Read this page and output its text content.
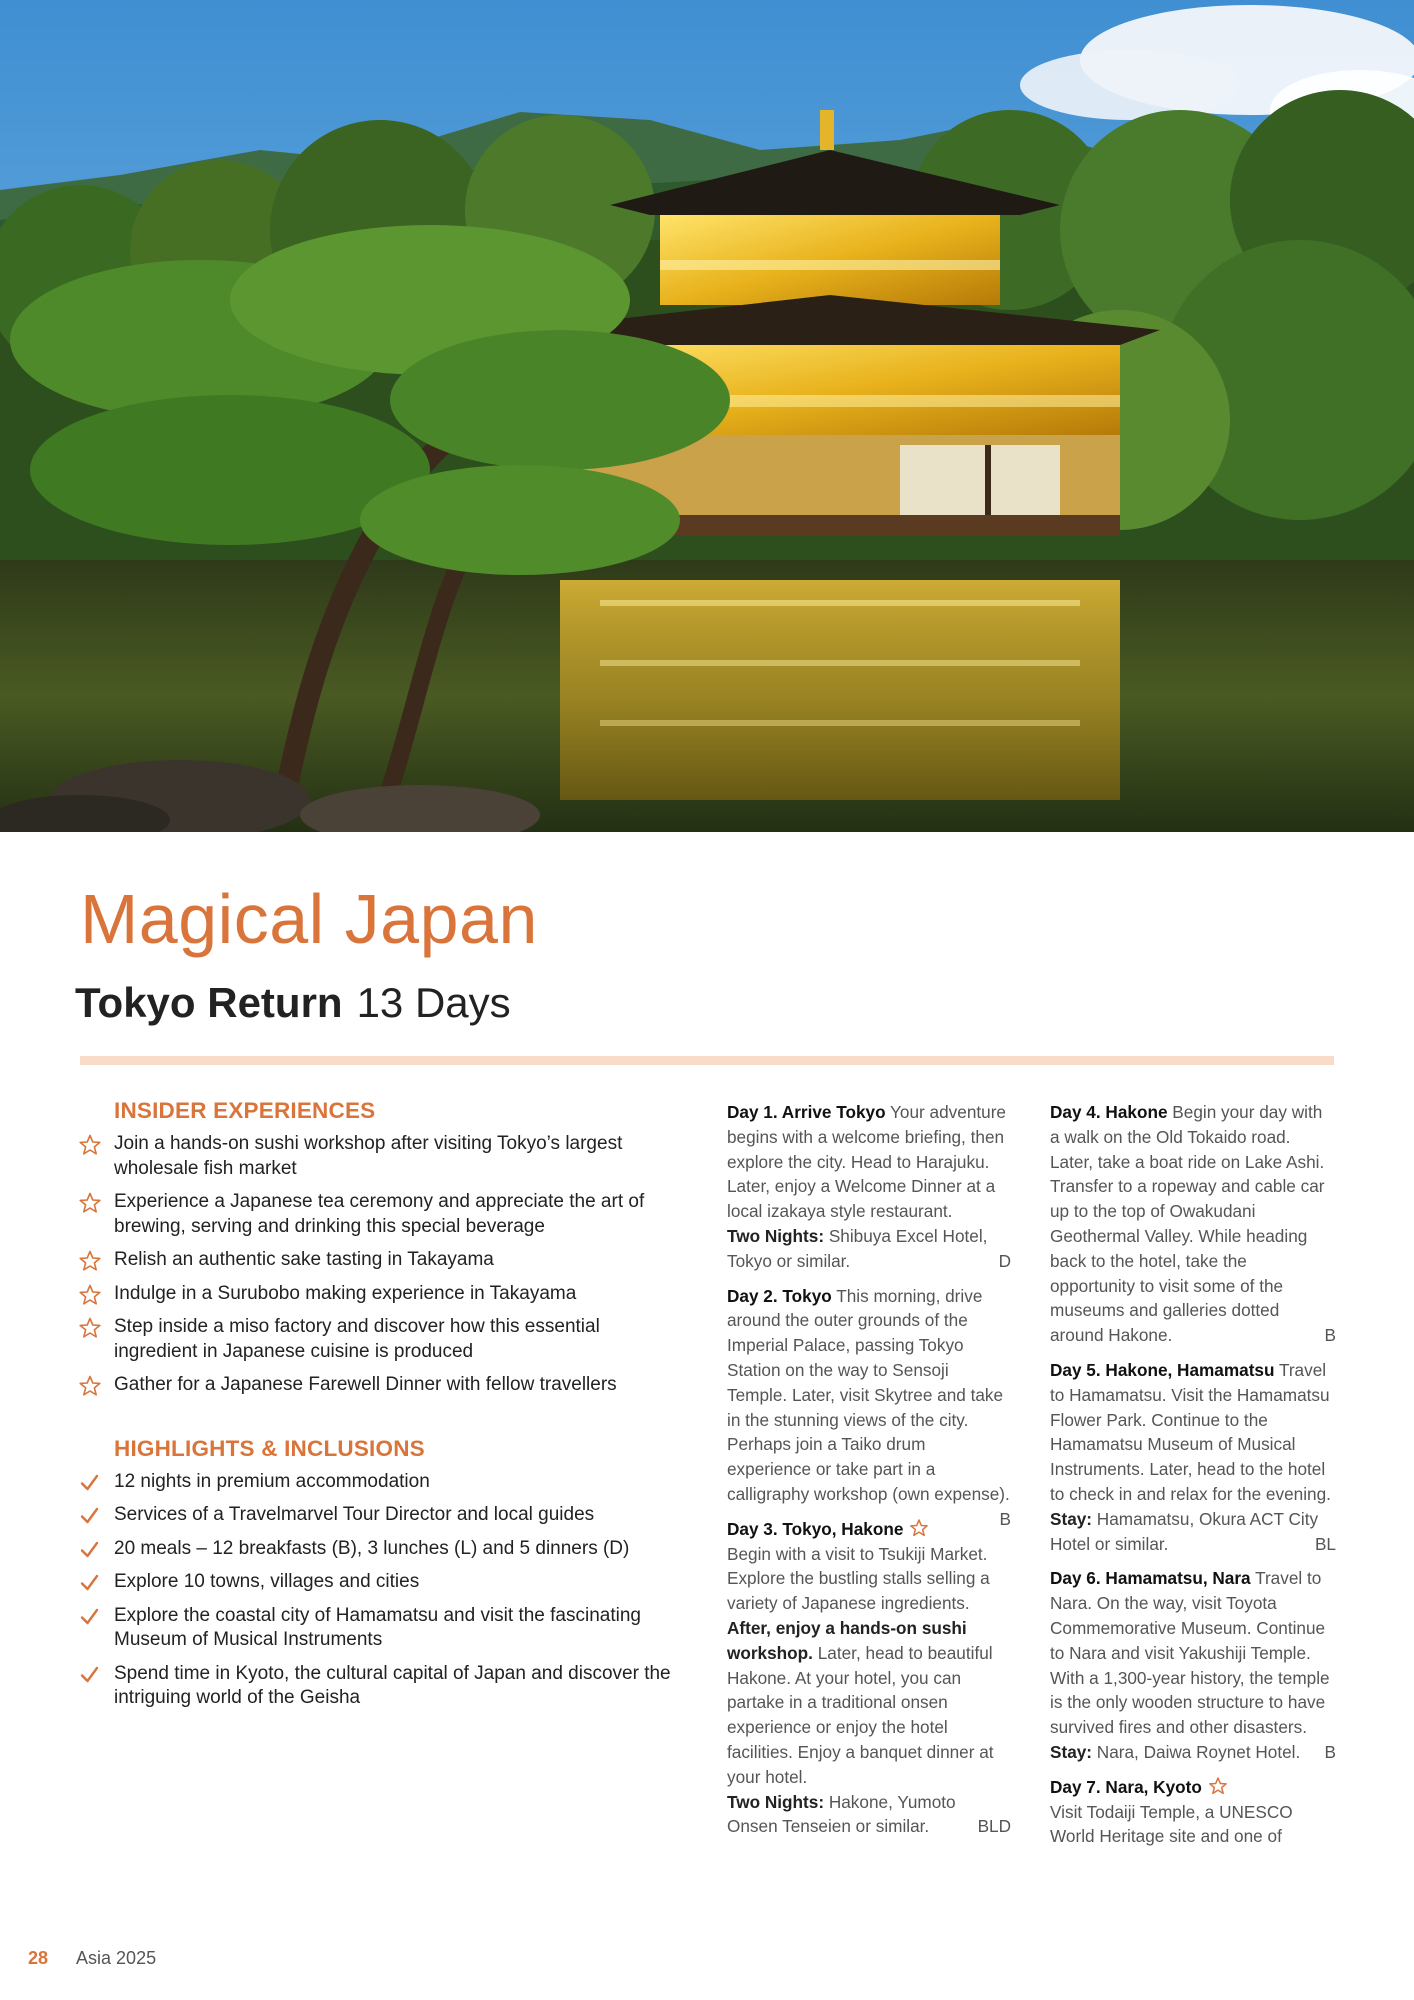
Magical Japan
Tokyo Return 13 Days
INSIDER EXPERIENCES
Join a hands-on sushi workshop after visiting Tokyo’s largest wholesale fish market
Experience a Japanese tea ceremony and appreciate the art of brewing, serving and drinking this special beverage
Relish an authentic sake tasting in Takayama
Indulge in a Surubobo making experience in Takayama
Step inside a miso factory and discover how this essential ingredient in Japanese cuisine is produced
Gather for a Japanese Farewell Dinner with fellow travellers
HIGHLIGHTS & INCLUSIONS
12 nights in premium accommodation
Services of a Travelmarvel Tour Director and local guides
20 meals – 12 breakfasts (B), 3 lunches (L) and 5 dinners (D)
Explore 10 towns, villages and cities
Explore the coastal city of Hamamatsu and visit the fascinating Museum of Musical Instruments
Spend time in Kyoto, the cultural capital of Japan and discover the intriguing world of the Geisha
Day 1. Arrive Tokyo Your adventure begins with a welcome briefing, then explore the city. Head to Harajuku. Later, enjoy a Welcome Dinner at a local izakaya style restaurant.
Two Nights: Shibuya Excel Hotel, Tokyo or similar.	D
Day 2. Tokyo This morning, drive around the outer grounds of the Imperial Palace, passing Tokyo Station on the way to Sensoji Temple. Later, visit Skytree and take in the stunning views of the city. Perhaps join a Taiko drum experience or take part in a calligraphy workshop (own expense).
B
Day 3. Tokyo, Hakone

Begin with a visit to Tsukiji Market. Explore the bustling stalls selling a variety of Japanese ingredients. After, enjoy a hands-on sushi workshop. Later, head to beautiful Hakone. At your hotel, you can partake in a traditional onsen experience or enjoy the hotel facilities. Enjoy a banquet dinner at your hotel.
Two Nights: Hakone, Yumoto Onsen Tenseien or similar.	BLD
Day 4. Hakone Begin your day with a walk on the Old Tokaido road. Later, take a boat ride on Lake Ashi. Transfer to a ropeway and cable car up to the top of Owakudani Geothermal Valley. While heading back to the hotel, take the opportunity to visit some of the museums and galleries dotted around Hakone.	B
Day 5. Hakone, Hamamatsu Travel to Hamamatsu. Visit the Hamamatsu Flower Park. Continue to the Hamamatsu Museum of Musical Instruments. Later, head to the hotel to check in and relax for the evening.
Stay: Hamamatsu, Okura ACT City Hotel or similar.	BL
Day 6. Hamamatsu, Nara Travel to Nara. On the way, visit Toyota Commemorative Museum. Continue to Nara and visit Yakushiji Temple. With a 1,300-year history, the temple is the only wooden structure to have survived fires and other disasters.
Stay: Nara, Daiwa Roynet Hotel. B
Day 7. Nara, Kyoto

Visit Todaiji Temple, a UNESCO World Heritage site and one of
28 Asia 2025
